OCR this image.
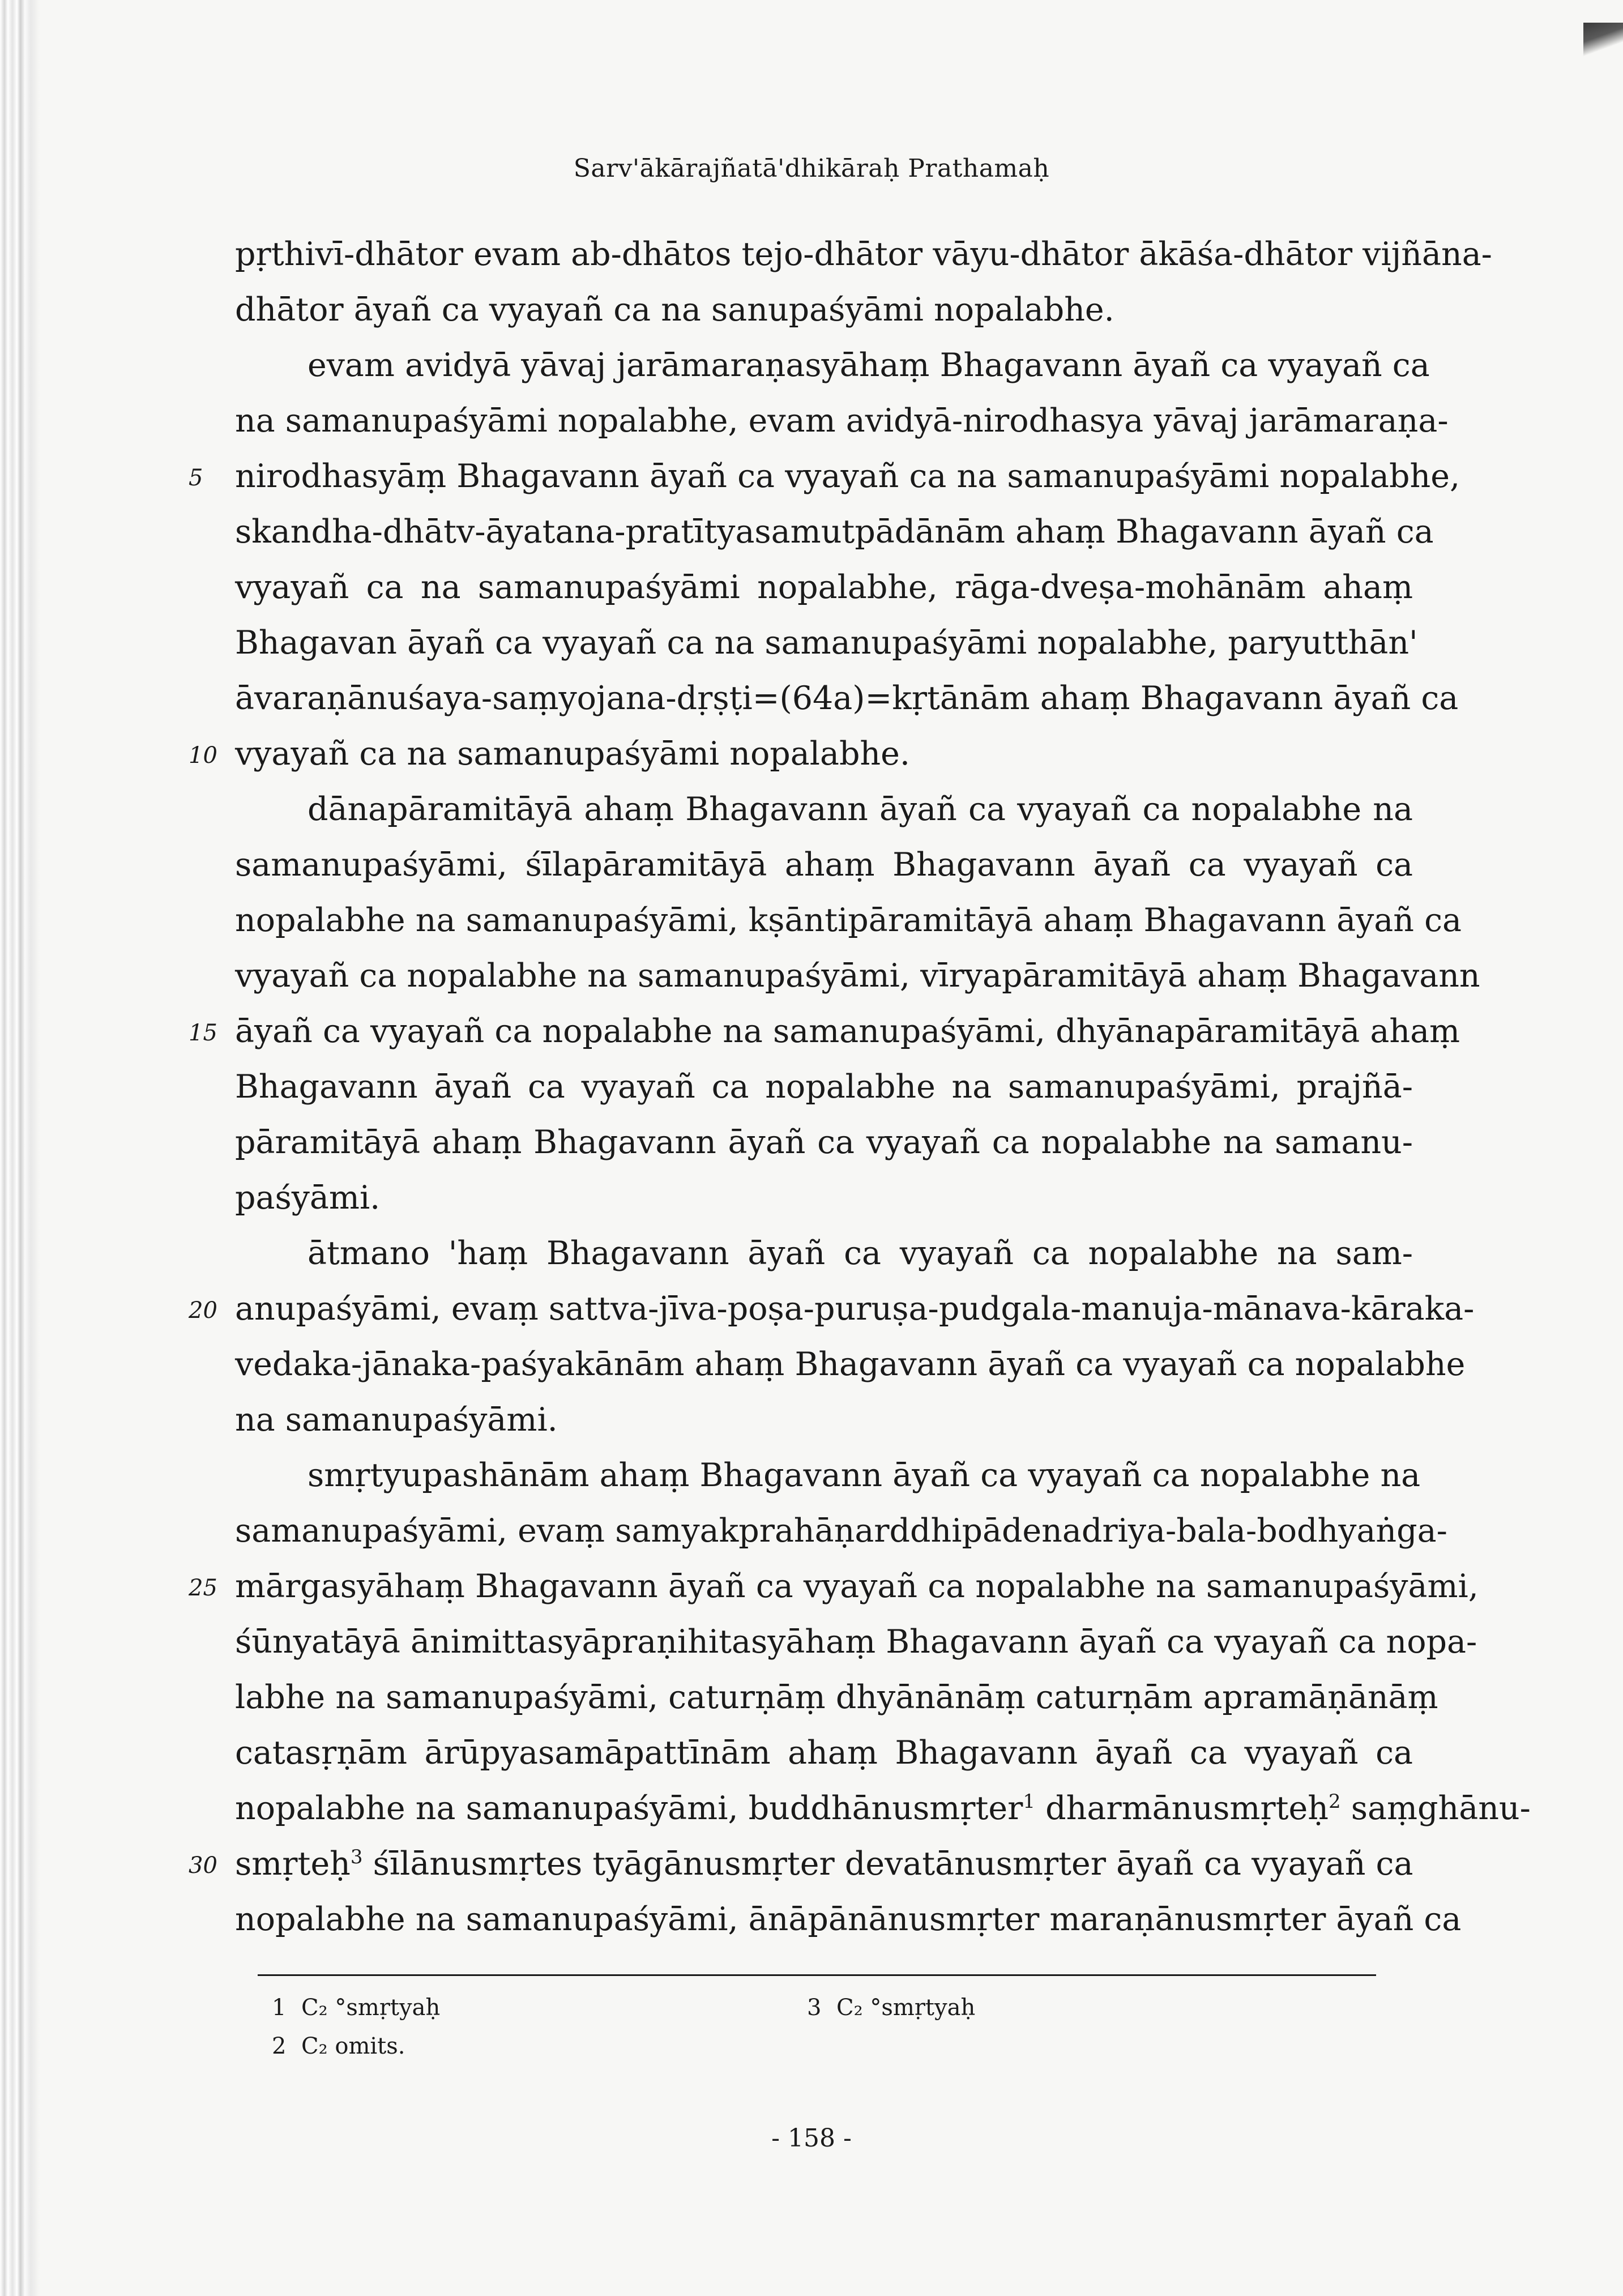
Sarv'ākārajñatā'dhikāraḥ Prathamaḥ
pṛthivī-dhātor evam ab-dhātos tejo-dhātor vāyu-dhātor ākāśa-dhātor vijñāna-
dhātor āyañ ca vyayañ ca na sanupaśyāmi nopalabhe.
evam avidyā yāvaj jarāmaraṇasyāhaṃ Bhagavann āyañ ca vyayañ ca
na samanupaśyāmi nopalabhe, evam avidyā-nirodhasya yāvaj jarāmaraṇa-
5 nirodhasyāṃ Bhagavann āyañ ca vyayañ ca na samanupaśyāmi nopalabhe,
skandha-dhātv-āyatana-pratītyasamutpādānām ahaṃ Bhagavann āyañ ca
vyayañ ca na samanupaśyāmi nopalabhe, rāga-dveṣa-mohānām ahaṃ
Bhagavan āyañ ca vyayañ ca na samanupaśyāmi nopalabhe, paryutthān'
āvaraṇānuśaya-saṃyojana-dṛṣṭi=(64a)=kṛtānām ahaṃ Bhagavann āyañ ca
10 vyayañ ca na samanupaśyāmi nopalabhe.
dānapāramitāyā ahaṃ Bhagavann āyañ ca vyayañ ca nopalabhe na
samanupaśyāmi, śīlapāramitāyā ahaṃ Bhagavann āyañ ca vyayañ ca
nopalabhe na samanupaśyāmi, kṣāntipāramitāyā ahaṃ Bhagavann āyañ ca
vyayañ ca nopalabhe na samanupaśyāmi, vīryapāramitāyā ahaṃ Bhagavann
15 āyañ ca vyayañ ca nopalabhe na samanupaśyāmi, dhyānapāramitāyā ahaṃ
Bhagavann āyañ ca vyayañ ca nopalabhe na samanupaśyāmi, prajñā-
pāramitāyā ahaṃ Bhagavann āyañ ca vyayañ ca nopalabhe na samanu-
paśyāmi.
ātmano 'haṃ Bhagavann āyañ ca vyayañ ca nopalabhe na sam-
20 anupaśyāmi, evaṃ sattva-jīva-poṣa-puruṣa-pudgala-manuja-mānava-kāraka-
vedaka-jānaka-paśyakānām ahaṃ Bhagavann āyañ ca vyayañ ca nopalabhe
na samanupaśyāmi.
smṛtyupashānām ahaṃ Bhagavann āyañ ca vyayañ ca nopalabhe na
samanupaśyāmi, evaṃ samyakprahāṇarddhipādenadriya-bala-bodhyaṅga-
25 mārgasyāhaṃ Bhagavann āyañ ca vyayañ ca nopalabhe na samanupaśyāmi,
śūnyatāyā ānimittasyāpraṇihitasyāhaṃ Bhagavann āyañ ca vyayañ ca nopa-
labhe na samanupaśyāmi, caturṇāṃ dhyānānāṃ caturṇām apramāṇānāṃ
catasṛṇām ārūpyasamāpattīnām ahaṃ Bhagavann āyañ ca vyayañ ca
nopalabhe na samanupaśyāmi, buddhānusmṛter$^1$ dharmānusmṛteḥ$^2$ saṃghānu-
30 smṛteḥ$^3$ śīlānusmṛtes tyāgānusmṛter devatānusmṛter āyañ ca vyayañ ca
nopalabhe na samanupaśyāmi, ānāpānānusmṛter maraṇānusmṛter āyañ ca
1 C₂ °smṛtyaḥ
2 C₂ omits.
3 C₂ °smṛtyaḥ
- 158 -
